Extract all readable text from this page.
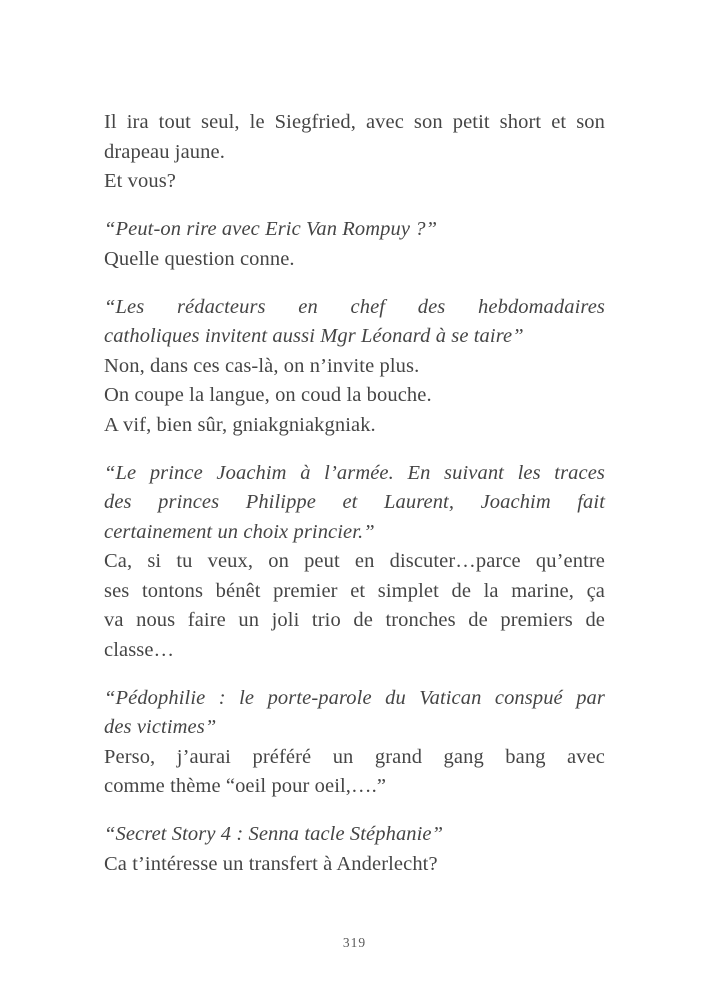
Il ira tout seul, le Siegfried, avec son petit short et son
drapeau jaune.
Et vous?
“Peut-on rire avec Eric Van Rompuy ?”
Quelle question conne.
“Les rédacteurs en chef des hebdomadaires
catholiques invitent aussi Mgr Léonard à se taire”
Non, dans ces cas-là, on n’invite plus.
On coupe la langue, on coud la bouche.
A vif, bien sûr, gniakgniakgniak.
“Le prince Joachim à l’armée. En suivant les traces
des princes Philippe et Laurent, Joachim fait
certainement un choix princier.”
Ca, si tu veux, on peut en discuter…parce qu’entre
ses tontons bénêt premier et simplet de la marine, ça
va nous faire un joli trio de tronches de premiers de
classe…
“Pédophilie : le porte-parole du Vatican conspué par
des victimes”
Perso, j’aurai préféré un grand gang bang avec
comme thème “oeil pour oeil,….”
“Secret Story 4 : Senna tacle Stéphanie”
Ca t’intéresse un transfert à Anderlecht?
319
